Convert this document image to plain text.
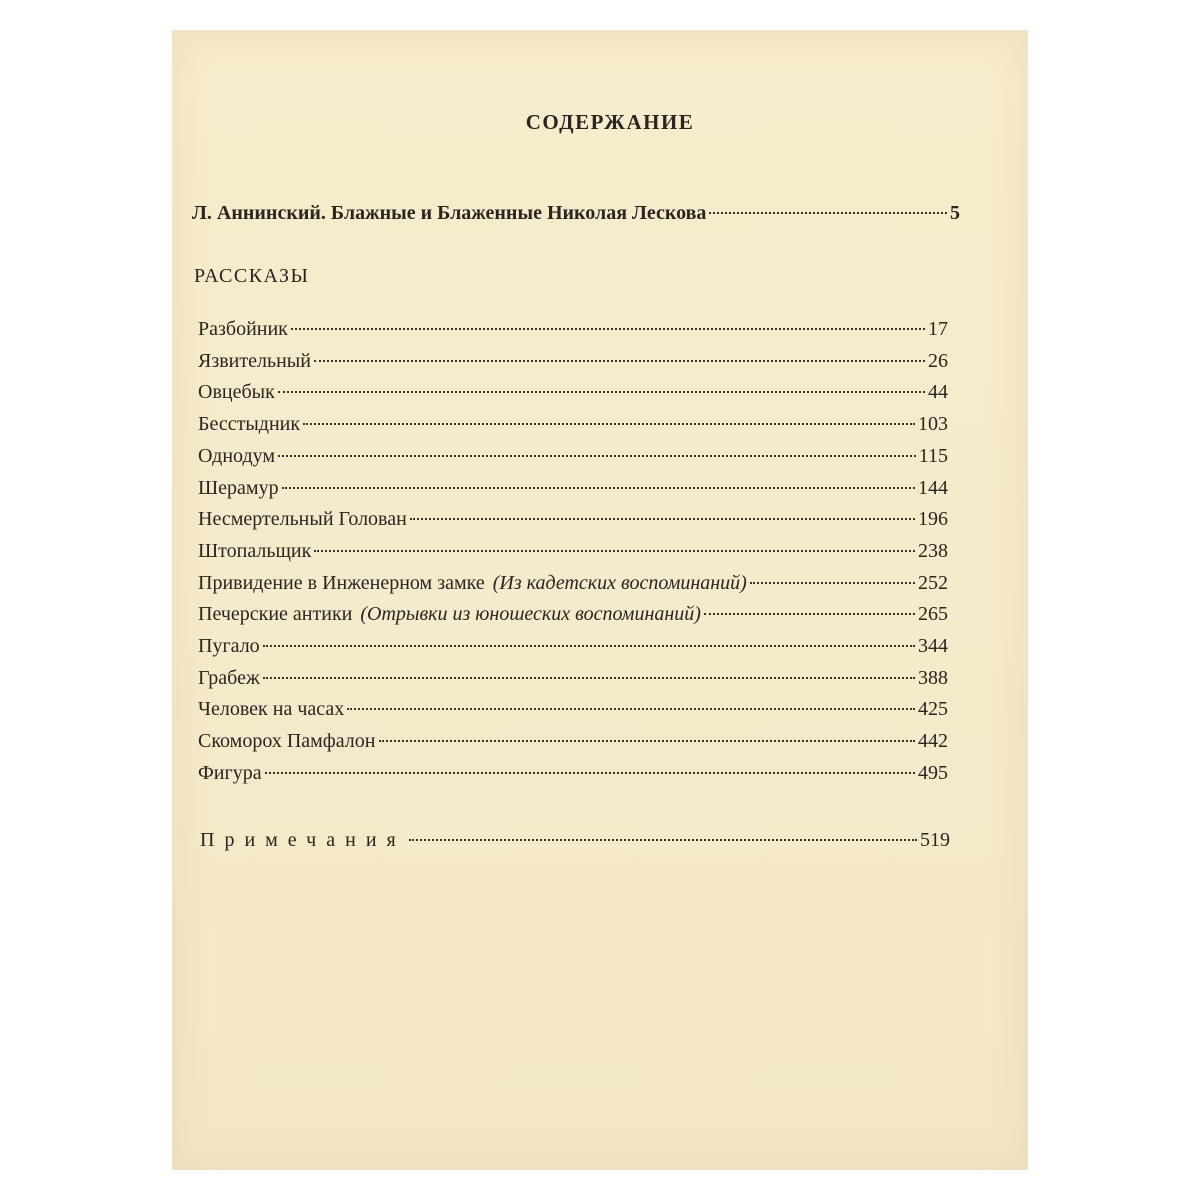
СОДЕРЖАНИЕ
Л. Аннинский. Блажные и Блаженные Николая Лескова	5
РАССКАЗЫ
Разбойник	17
Язвительный	26
Овцебык	44
Бесстыдник	103
Однодум	115
Шерамур	144
Несмертельный Голован	196
Штопальщик	238
Привидение в Инженерном замке (Из кадетских воспоминаний)	252
Печерские антики (Отрывки из юношеских воспоминаний)	265
Пугало	344
Грабеж	388
Человек на часах	425
Скоморох Памфалон	442
Фигура	495
Примечания	519
